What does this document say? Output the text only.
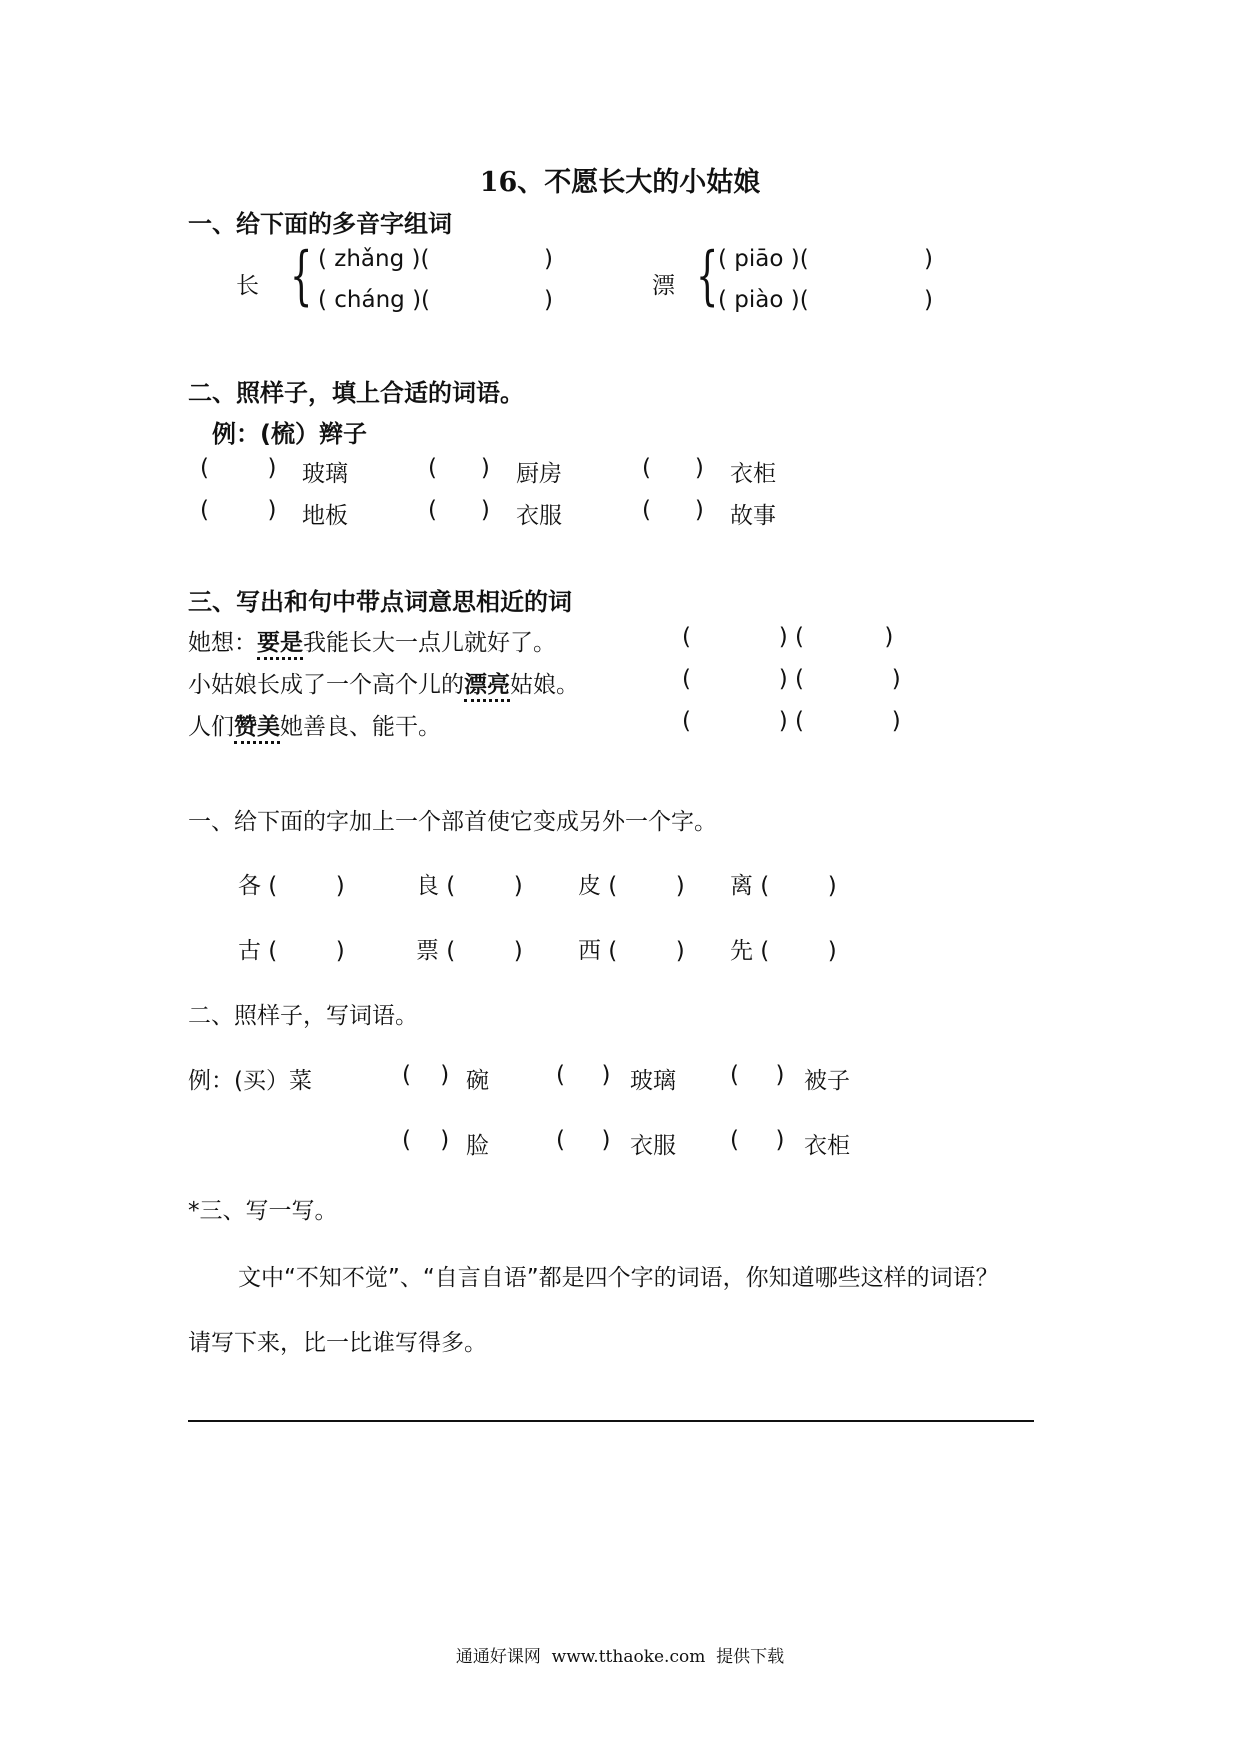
16、不愿长大的小姑娘
一、给下面的多音字组词
长 { ( zhǎng )(	)
( cháng )(	)
漂 { ( piāo )(	)
( piào )(	)
二、照样子，填上合适的词语。
例：(梳）辫子
(        ) 玻璃	(      ) 厨房	(      ) 衣柜
(        ) 地板	(      ) 衣服	(      ) 故事
三、写出和句中带点词意思相近的词
她想：要是我能长大一点儿就好了。	(            ) (           )
小姑娘长成了一个高个儿的漂亮姑娘。	(            ) (            )
人们赞美她善良、能干。	(            ) (            )
一、给下面的字加上一个部首使它变成另外一个字。
各 (        )	良 (        ) 皮 (        ) 离 (        )
古 (        )	票 (        ) 西 (        ) 先 (        )
二、照样子，写词语。
例：(买）菜	(    ) 碗	(     ) 玻璃 (     ) 被子
(    ) 脸	(     ) 衣服 (     ) 衣柜
*三、写一写。
文中“不知不觉”、“自言自语”都是四个字的词语，你知道哪些这样的词语？
请写下来，比一比谁写得多。
通通好课网  www.tthaoke.com  提供下载
